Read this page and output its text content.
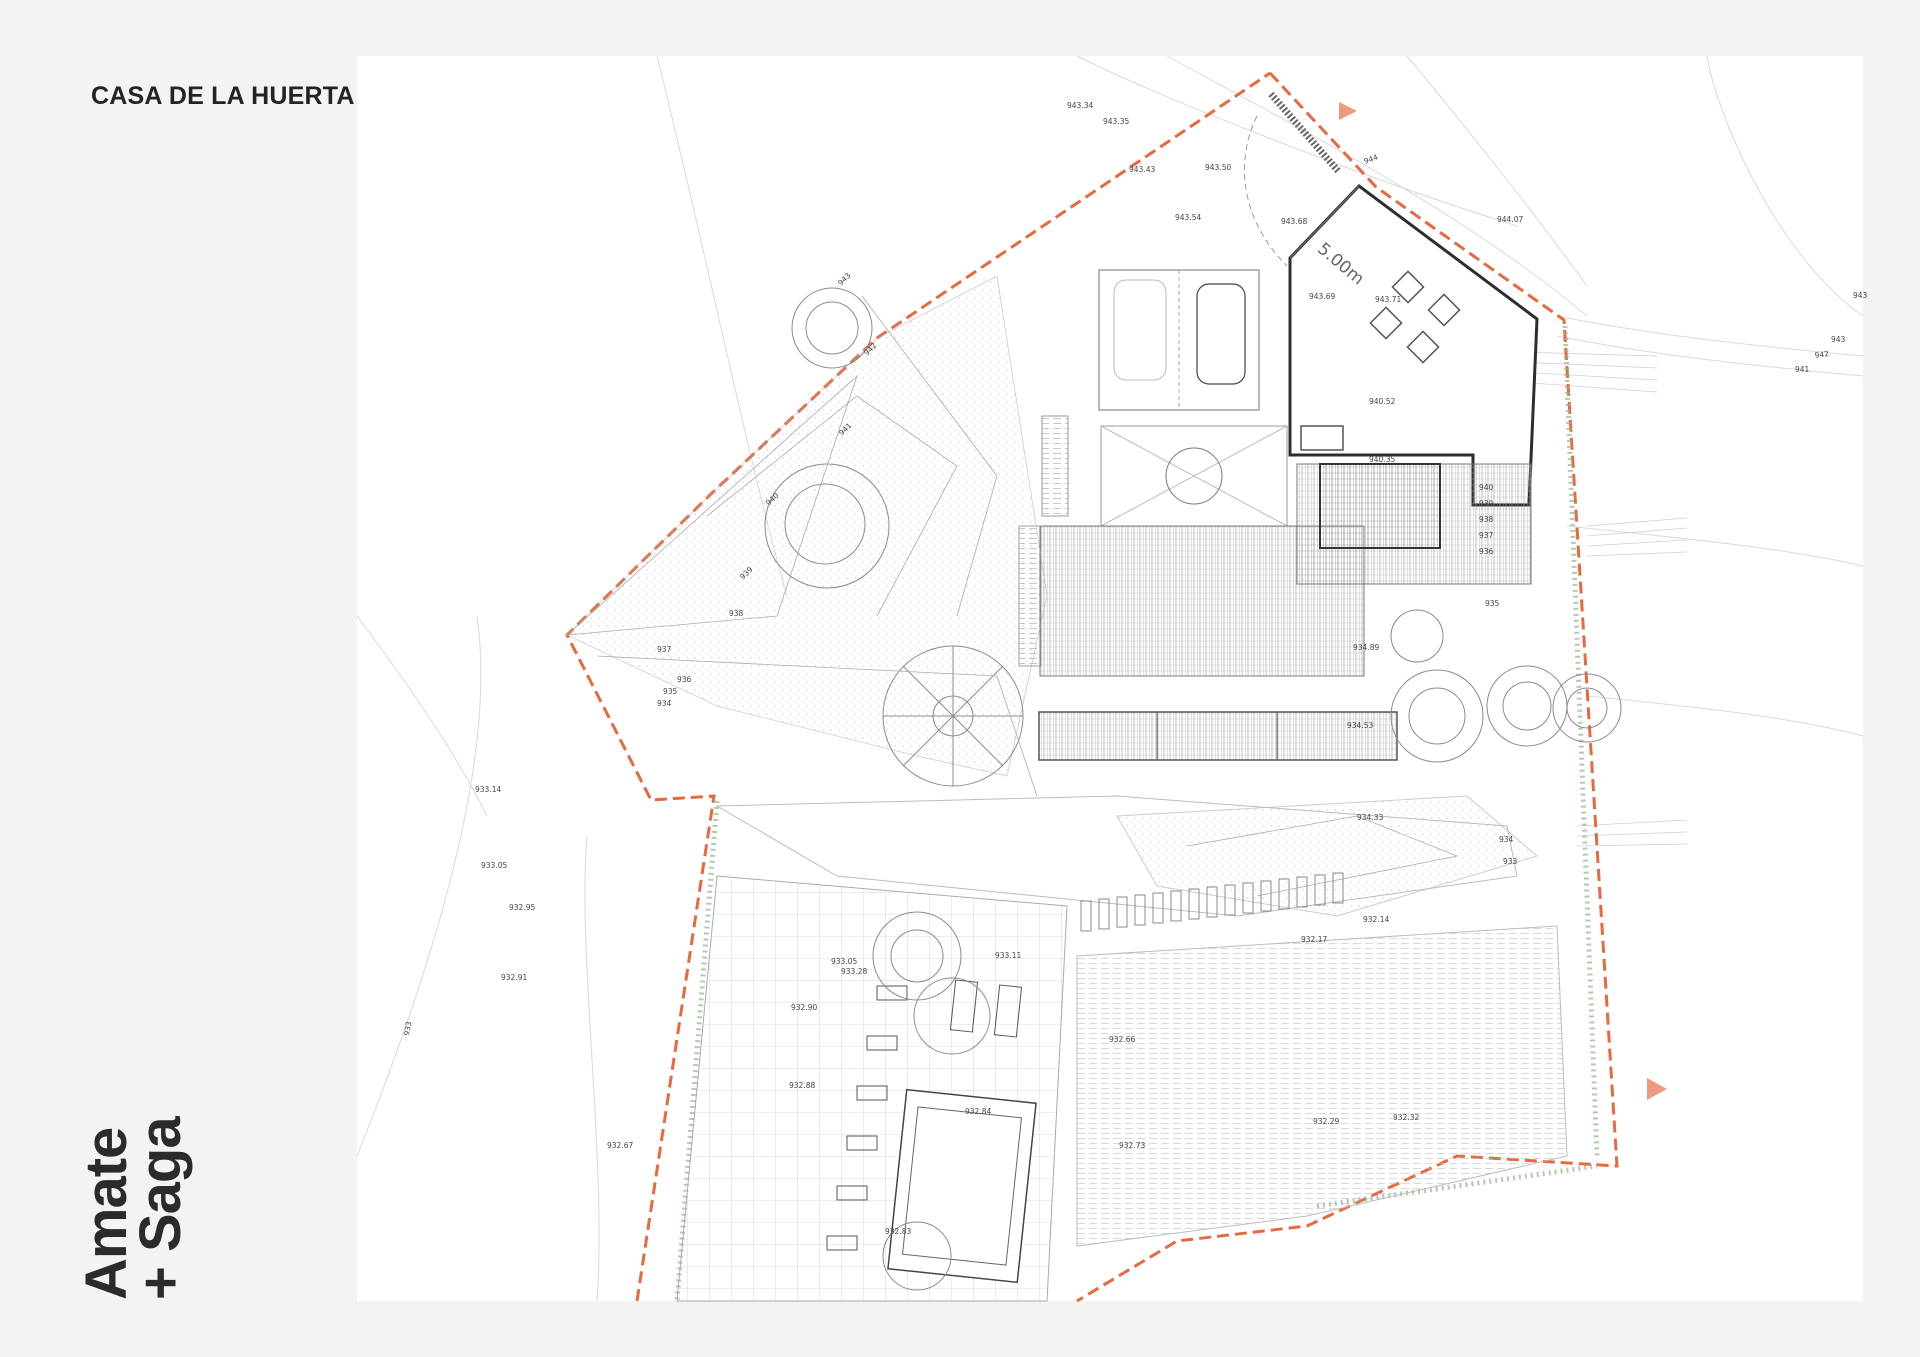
5.00m
943.34
943.35
943.43	943.50
944
943.54	943.68	944.07
943.69	943.71	943
943
942
941
940.52
940.35
940
939
938
937
936
935
934.89
934.53
934.33
934
933
932.14
932.17
932.29	932.32
943
942
941
940
939
938
937
936
935
934
933.14
933.05
932.95
932.91
933
933.05
932.90
933.28
933.11
932.66
932.88
932.84
932.73
932.67
932.83
CASA DE LA HUERTA
Amate
+ Saga
